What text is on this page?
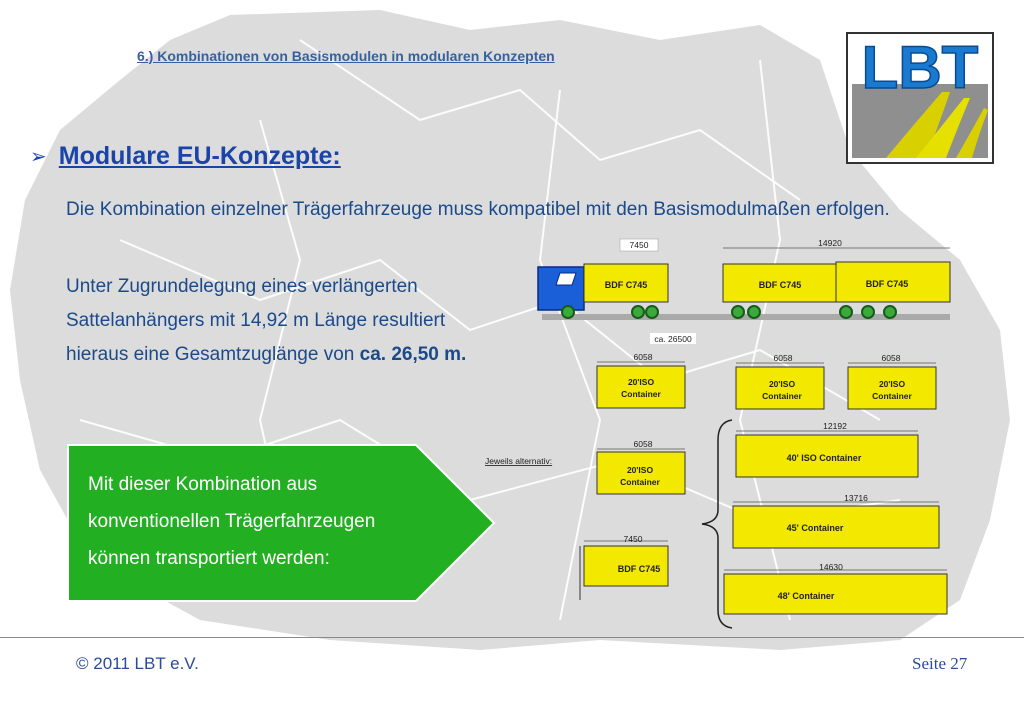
6.) Kombinationen von Basismodulen in modularen Konzepten	LBT
➢ Modulare EU-Konzepte:
Die Kombination einzelner Trägerfahrzeuge muss kompatibel mit den Basismodulmaßen erfolgen.
Unter Zugrundelegung eines verlängerten
Sattelanhängers mit 14,92 m Länge resultiert
hieraus eine Gesamtzuglänge von ca. 26,50 m.
Mit dieser Kombination aus
konventionellen Trägerfahrzeugen
können transportiert werden:
7450	14920
BDF C745	BDF C745	BDF C745
ca. 26500
6058
20'ISO
Container
6058
20'ISO
Container
6058
20'ISO
Container
Jeweils alternativ:
6058
20'ISO
Container
7450
BDF C745
12192
40' ISO Container
13716
45' Container
14630
48' Container
© 2011 LBT e.V.	Seite 27
